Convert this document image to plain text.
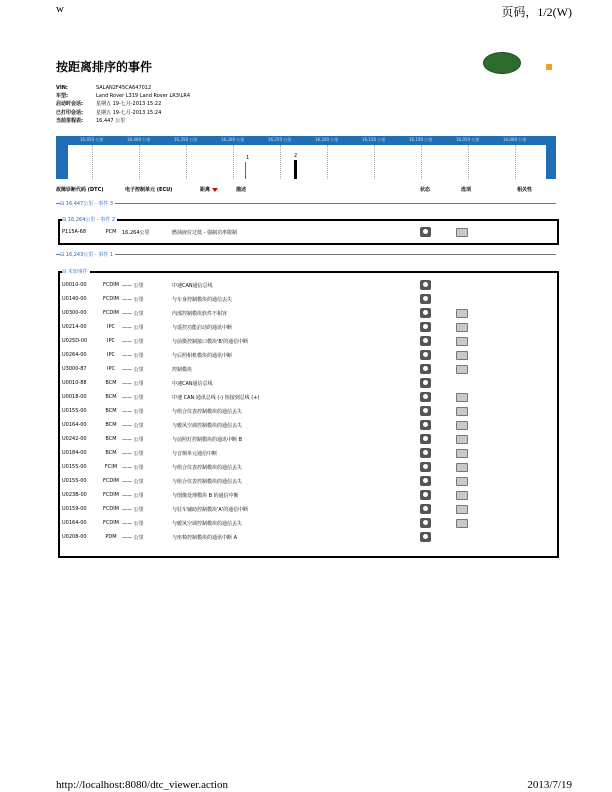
w	页码，1/2(W)
按距离排序的事件
VIN:	SALAN2F45CA647012
车型:	Land Rover L319 Land Rover LR3\LR4
启动时会话:	星期五 19-七月-2013 15:22
已打印会话:	星期五 19-七月-2013 15:24
当前里程表:	16,447 公里
1	2
16,450 公里	16,400 公里	16,350 公里	16,300 公里	16,250 公里	16,200 公里	16,150 公里	16,100 公里	16,050 公里	16,000 公里
故障诊断代码 (DTC)	电子控制单元 (ECU)	距离	描述	状态	选项	相关性
⊟ 16,447公里 - 事件 3
⊟ 16,264公里 - 事件 2
P115A-68	PCM	16,264公里	燃油液位过低 - 强制功率限制
⊟ 16,243公里 - 事件 1
⊟ 未知事件
U0010-00	FCDIM —— 公里	中速CAN通信总线
U0140-00	FCDIM —— 公里	与车身控制模块的通信丢失
U0300-00	FCDIM —— 公里	内部控制模块软件不相容
U0214-00	IPC	—— 公里	与遥控功能启动的通讯中断
U025D-00	IPC	—— 公里	与前摄控制接口模块'B'的通信中断
U0264-00	IPC	—— 公里	与后照相机模块的通讯中断
U3000-87	IPC	—— 公里	控制模块
U0010-88	BCM	—— 公里	中速CAN通信总线
U0018-00	BCM	—— 公里	中速 CAN 通讯总线 (-) 短接到总线 (+)
U0155-00	BCM	—— 公里	与组合仪表控制模块的通信丢失
U0164-00	BCM	—— 公里	与暖风空调控制模块的通信丢失
U0242-00	BCM	—— 公里	与前照灯控制模块的通讯中断 B
U0184-00	BCM	—— 公里	与音频单元通信中断
U0155-00	FCIM —— 公里	与组合仪表控制模块的通信丢失
U0155-00	FCDIM —— 公里	与组合仪表控制模块的通信丢失
U023B-00	FCDIM —— 公里	与图像处理模块 B 的通信中断
U0159-00	FCDIM —— 公里	与驻车辅助控制模块'A'的通信中断
U0164-00	FCDIM —— 公里	与暖风空调控制模块的通信丢失
U0208-00	PDM	—— 公里	与座椅控制模块的通讯中断 A
http://localhost:8080/dtc_viewer.action	2013/7/19
